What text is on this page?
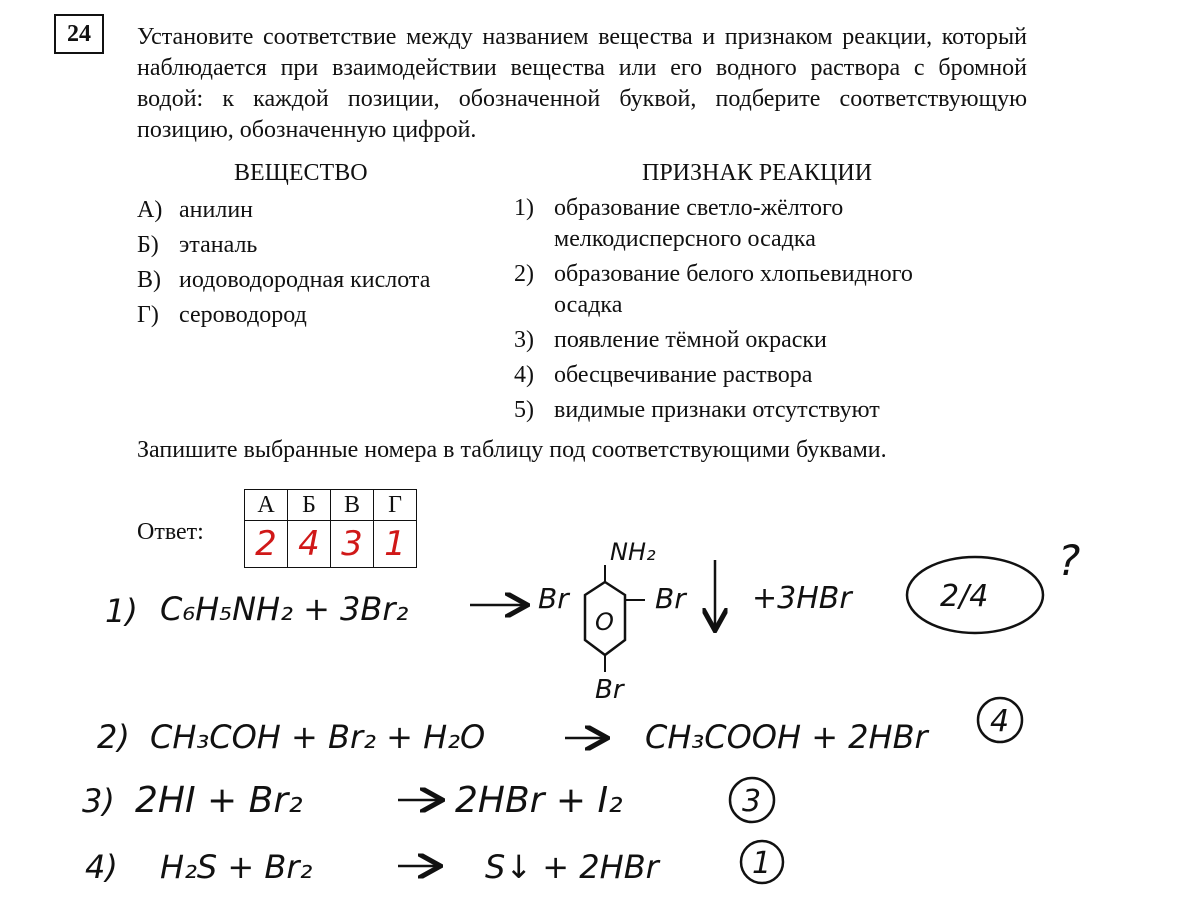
24	Установите соответствие между названием вещества и признаком реакции, который наблюдается при взаимодействии вещества или его водного раствора с бромной водой: к каждой позиции, обозначенной буквой, подберите соответствующую позицию, обозначенную цифрой.
ВЕЩЕСТВО	ПРИЗНАК РЕАКЦИИ
А) анилин
Б) этаналь
В) иодоводородная кислота
Г) сероводород
1) образование светло-жёлтого мелкодисперсного осадка
2) образование белого хлопьевидного осадка
3) появление тёмной окраски
4) обесцвечивание раствора
5) видимые признаки отсутствуют
Запишите выбранные номера в таблицу под соответствующими буквами.
Ответ:
А	Б	В	Г
2	4	3	1
1) C₆H₅NH₂ + 3Br₂	Br
NH₂
O
Br
Br +3HBr	2/4
?
2) CH₃COH + Br₂ + H₂O	CH₃COOH + 2HBr 4
3) 2HI + Br₂	2HBr + I₂	3
4) H₂S + Br₂	S↓ + 2HBr	1
